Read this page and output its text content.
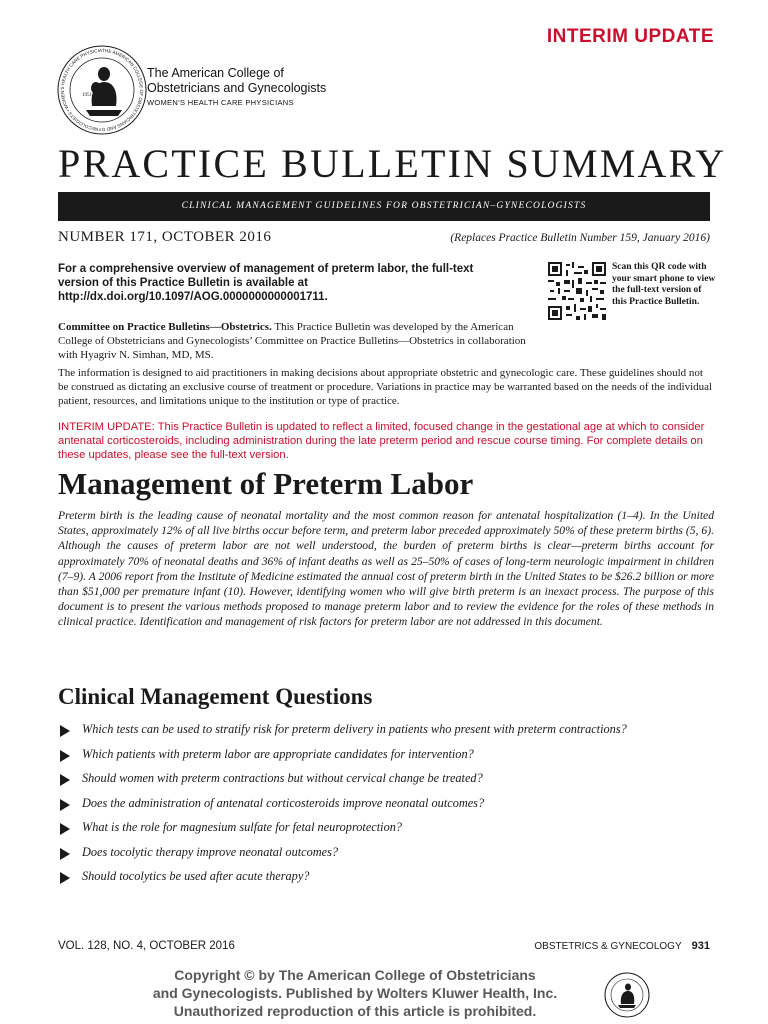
INTERIM UPDATE
THE AMERICAN COLLEGE OF OBSTETRICIANS AND GYNECOLOGISTS • WOMEN'S HEALTH CARE PHYSICIA
1951
The American College of
Obstetricians and Gynecologists
WOMEN’S HEALTH CARE PHYSICIANS
PRACTICE BULLETIN SUMMARY
CLINICAL MANAGEMENT GUIDELINES FOR OBSTETRICIAN–GYNECOLOGISTS
NUMBER 171, OCTOBER 2016	(Replaces Practice Bulletin Number 159, January 2016)
For a comprehensive overview of management of preterm labor, the full-text version of this Practice Bulletin is available at http://dx.doi.org/10.1097/AOG.0000000000001711.
Scan this QR code with your smart phone to view the full-text version of this Practice Bulletin.
Committee on Practice Bulletins—Obstetrics. This Practice Bulletin was developed by the American College of Obstetricians and Gynecologists’ Committee on Practice Bulletins—Obstetrics in collaboration with Hyagriv N. Simhan, MD, MS.
The information is designed to aid practitioners in making decisions about appropriate obstetric and gynecologic care. These guidelines should not be construed as dictating an exclusive course of treatment or procedure. Variations in practice may be warranted based on the needs of the individual patient, resources, and limitations unique to the institution or type of practice.
INTERIM UPDATE: This Practice Bulletin is updated to reflect a limited, focused change in the gestational age at which to consider antenatal corticosteroids, including administration during the late preterm period and rescue course timing. For complete details on these updates, please see the full-text version.
Management of Preterm Labor
Preterm birth is the leading cause of neonatal mortality and the most common reason for antenatal hospitalization (1–4). In the United States, approximately 12% of all live births occur before term, and preterm labor preceded approximately 50% of these preterm births (5, 6). Although the causes of preterm labor are not well understood, the burden of preterm births is clear—preterm births account for approximately 70% of neonatal deaths and 36% of infant deaths as well as 25–50% of cases of long-term neurologic impairment in children (7–9). A 2006 report from the Institute of Medicine estimated the annual cost of preterm birth in the United States to be $26.2 billion or more than $51,000 per premature infant (10). However, identifying women who will give birth preterm is an inexact process. The purpose of this document is to present the various methods proposed to manage preterm labor and to review the evidence for the roles of these methods in clinical practice. Identification and management of risk factors for preterm labor are not addressed in this document.
Clinical Management Questions
Which tests can be used to stratify risk for preterm delivery in patients who present with preterm contractions?
Which patients with preterm labor are appropriate candidates for intervention?
Should women with preterm contractions but without cervical change be treated?
Does the administration of antenatal corticosteroids improve neonatal outcomes?
What is the role for magnesium sulfate for fetal neuroprotection?
Does tocolytic therapy improve neonatal outcomes?
Should tocolytics be used after acute therapy?
VOL. 128, NO. 4, OCTOBER 2016	OBSTETRICS & GYNECOLOGY 931
Copyright © by The American College of Obstetricians
and Gynecologists. Published by Wolters Kluwer Health, Inc.
Unauthorized reproduction of this article is prohibited.
